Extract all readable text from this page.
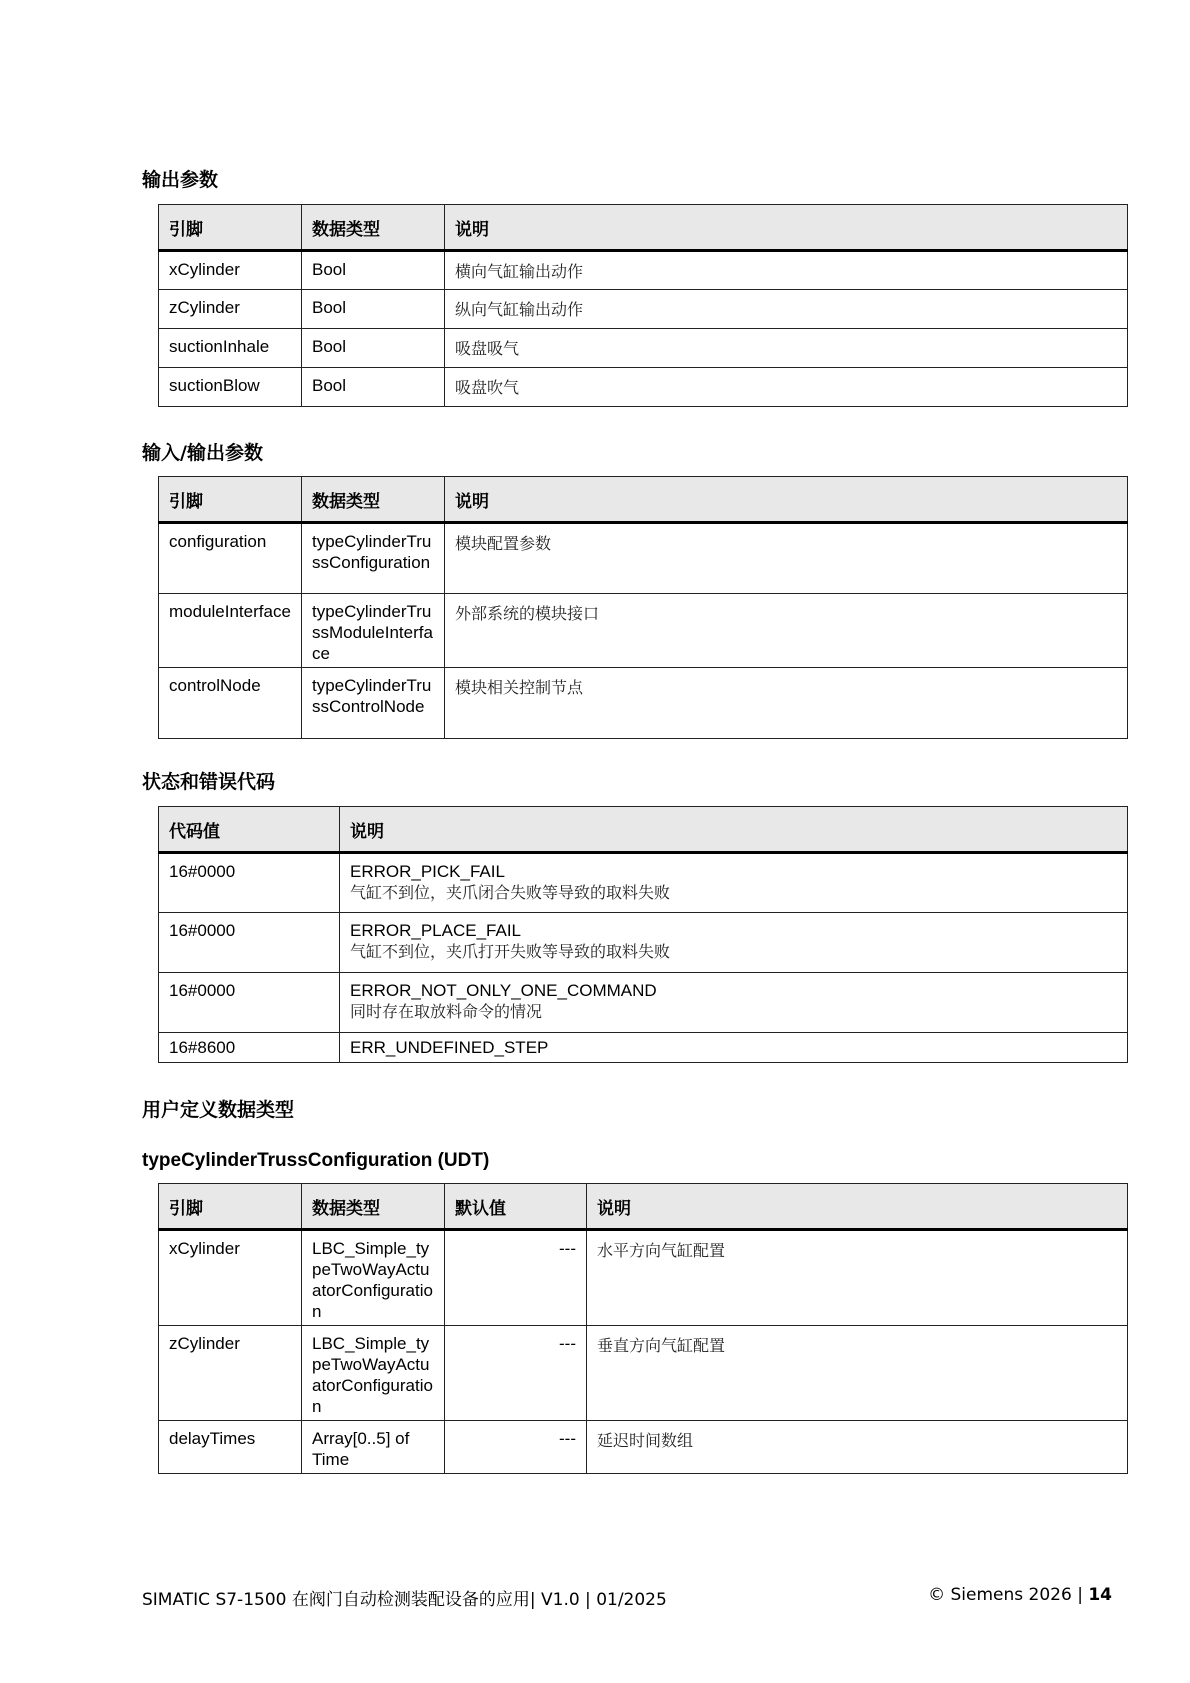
输出参数
引脚	数据类型	说明
xCylinder	Bool	横向气缸输出动作
zCylinder	Bool	纵向气缸输出动作
suctionInhale	Bool	吸盘吸气
suctionBlow	Bool	吸盘吹气
输入/输出参数
引脚	数据类型	说明
configuration	typeCylinderTrussConfiguration	模块配置参数
moduleInterface	typeCylinderTrussModuleInterface	外部系统的模块接口
controlNode	typeCylinderTrussControlNode	模块相关控制节点
状态和错误代码
代码值	说明
16#0000	ERROR_PICK_FAIL
气缸不到位，夹爪闭合失败等导致的取料失败

16#0000	ERROR_PLACE_FAIL
气缸不到位，夹爪打开失败等导致的取料失败

16#0000	ERROR_NOT_ONLY_ONE_COMMAND
同时存在取放料命令的情况

16#8600	ERR_UNDEFINED_STEP
用户定义数据类型
typeCylinderTrussConfiguration (UDT)
引脚	数据类型	默认值	说明
xCylinder	LBC_Simple_typeTwoWayActuatorConfiguration	---	水平方向气缸配置
zCylinder	LBC_Simple_typeTwoWayActuatorConfiguration	---	垂直方向气缸配置
delayTimes	Array[0..5] of Time	---	延迟时间数组
SIMATIC S7-1500 在阀门自动检测装配设备的应用| V1.0 | 01/2025	© Siemens 2026 | 14
